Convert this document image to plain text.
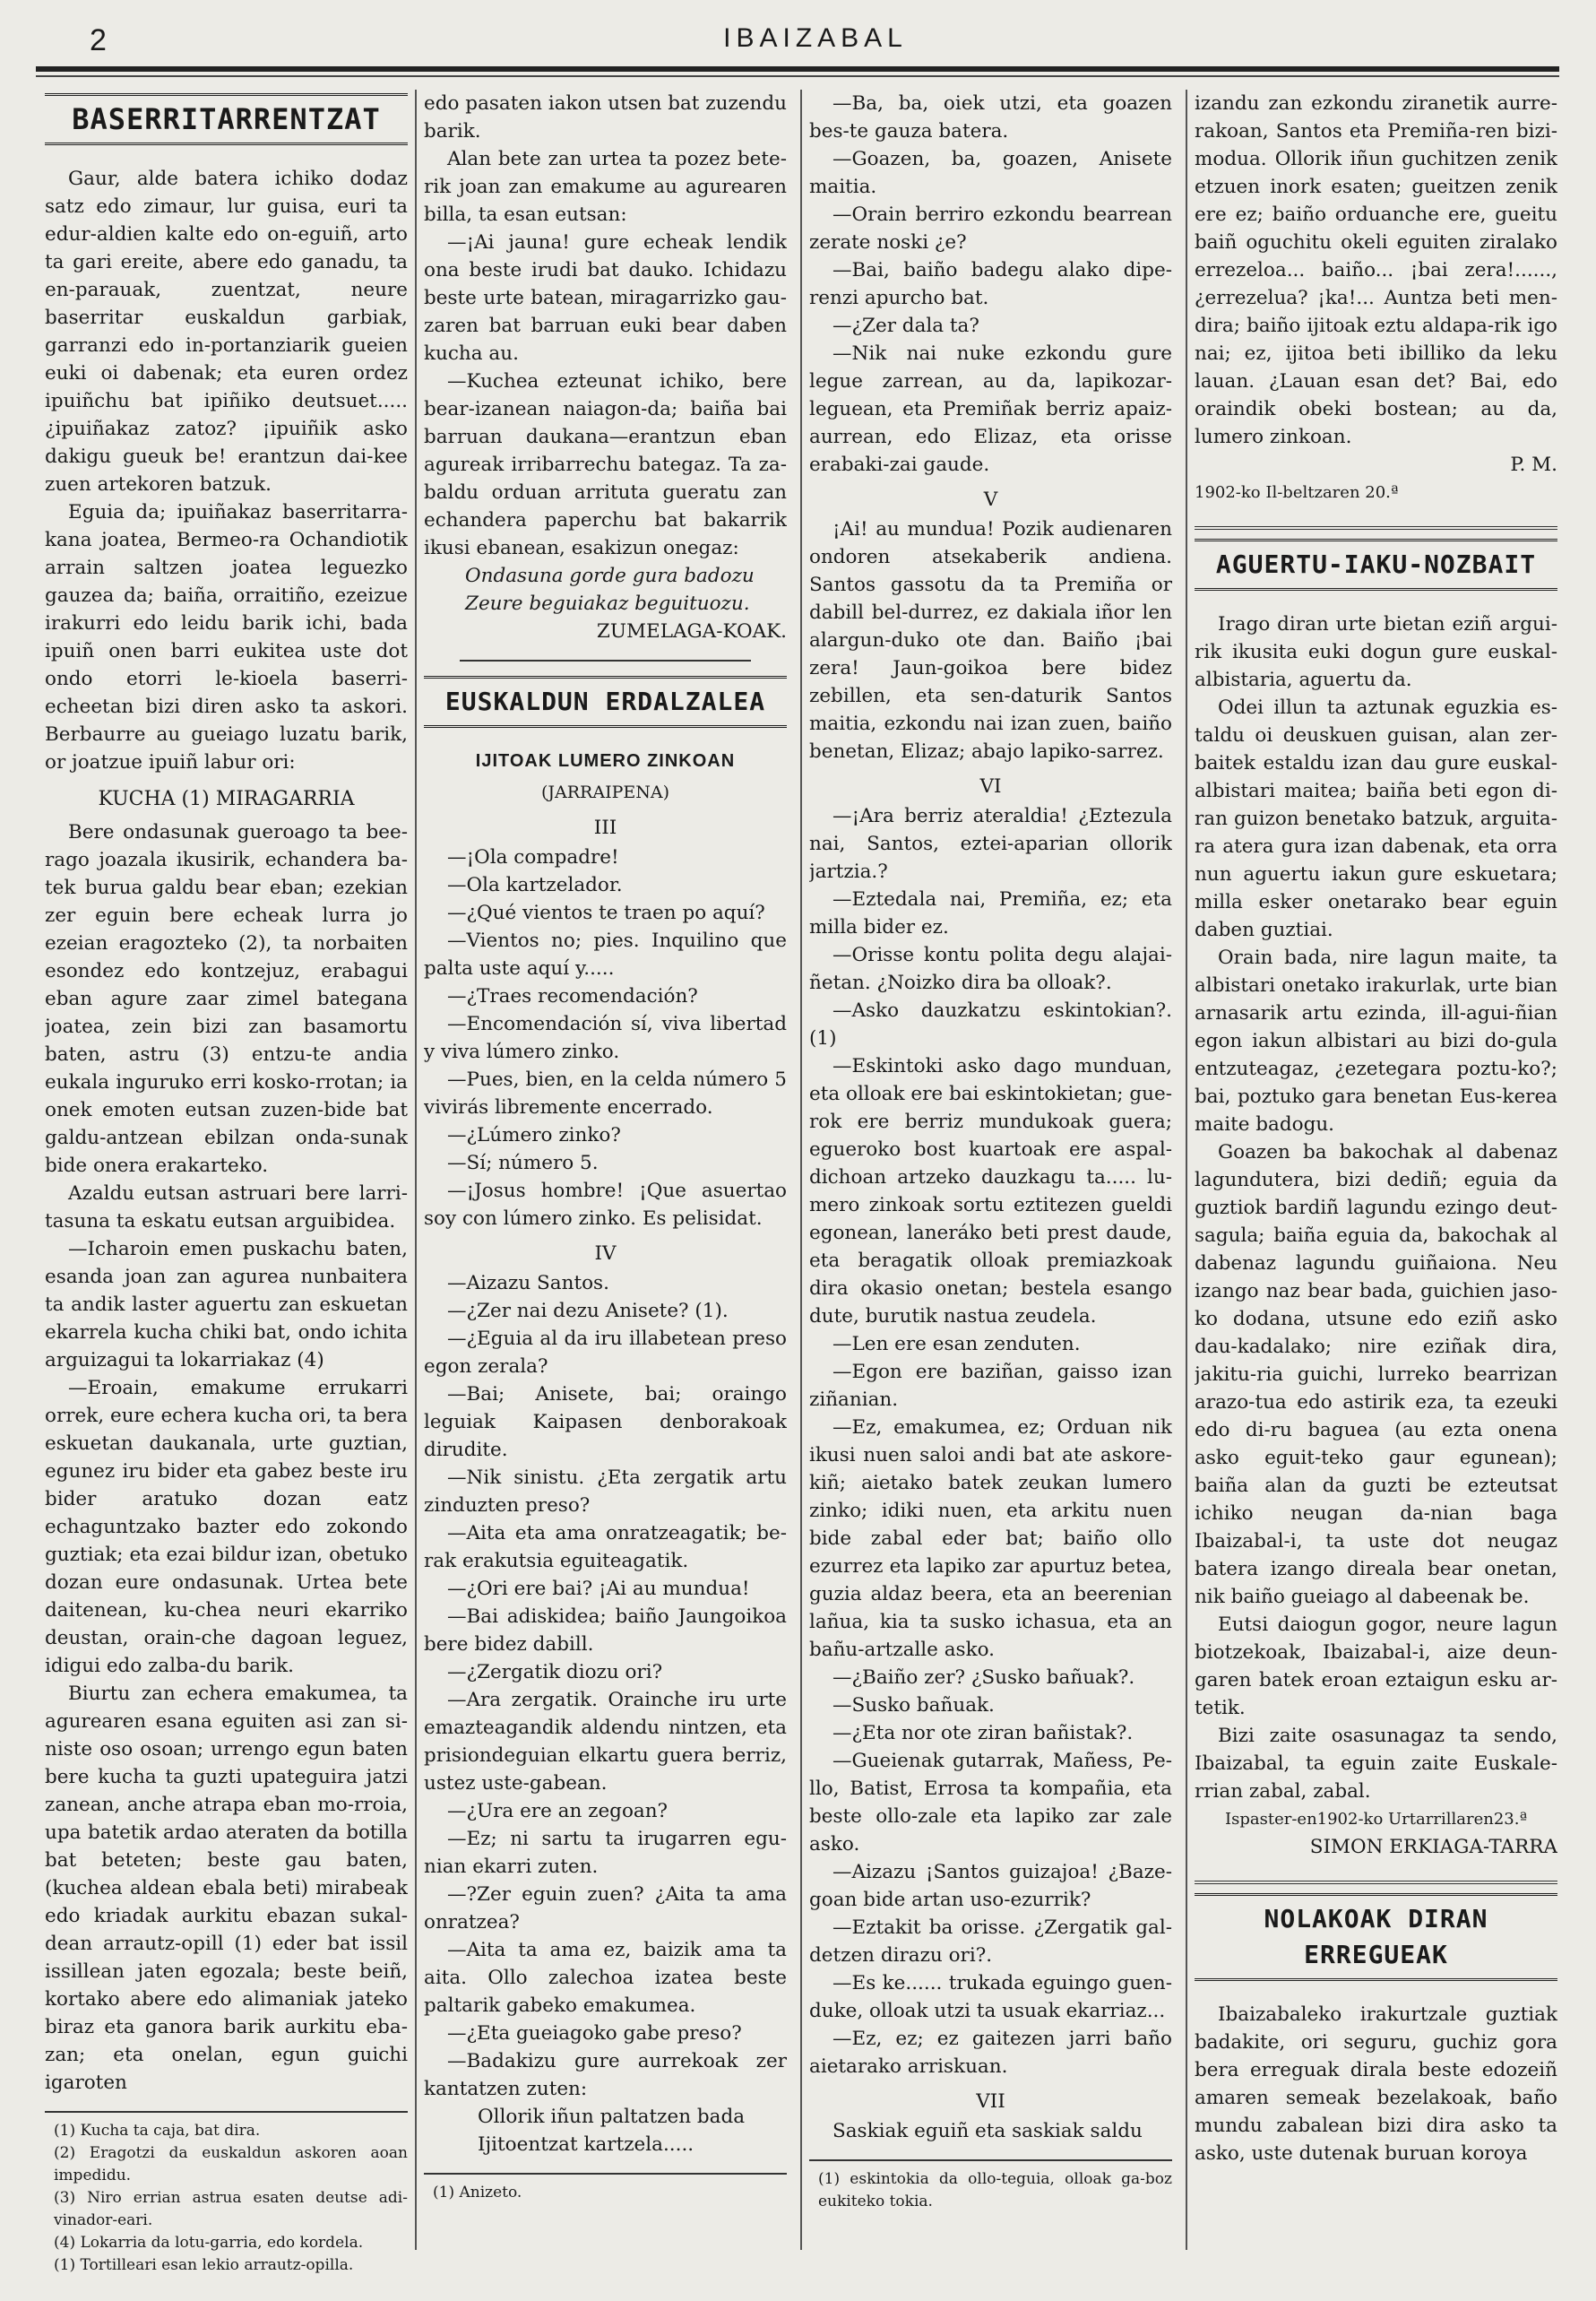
2	IBAIZABAL
BASERRITARRENTZAT

Gaur, alde batera ichiko dodaz satz edo zimaur, lur guisa, euri ta edur-aldien kalte edo on-eguiñ, arto ta gari ereite, abere edo ganadu, ta en-parauak, zuentzat, neure baserritar euskaldun garbiak, garranzi edo in-portanziarik gueien euki oi dabenak; eta euren ordez ipuiñchu bat ipiñiko deutsuet..... ¿ipuiñakaz zatoz? ¡ipuiñik asko dakigu gueuk be! erantzun dai-kee zuen artekoren batzuk.

Eguia da; ipuiñakaz baserritarra-kana joatea, Bermeo-ra Ochandiotik arrain saltzen joatea leguezko gauzea da; baiña, orraitiño, ezeizue irakurri edo leidu barik ichi, bada ipuiñ onen barri eukitea uste dot ondo etorri le-kioela baserri-echeetan bizi diren asko ta askori. Berbaurre au gueiago luzatu barik, or joatzue ipuiñ labur ori:

KUCHA (1) MIRAGARRIA

Bere ondasunak gueroago ta bee-rago joazala ikusirik, echandera ba-tek burua galdu bear eban; ezekian zer eguin bere echeak lurra jo ezeian eragozteko (2), ta norbaiten esondez edo kontzejuz, erabagui eban agure zaar zimel bategana joatea, zein bizi zan basamortu baten, astru (3) entzu-te andia eukala inguruko erri kosko-rrotan; ia onek emoten eutsan zuzen-bide bat galdu-antzean ebilzan onda-sunak bide onera erakarteko.

Azaldu eutsan astruari bere larri-tasuna ta eskatu eutsan arguibidea.

—Icharoin emen puskachu baten, esanda joan zan agurea nunbaitera ta andik laster aguertu zan eskuetan ekarrela kucha chiki bat, ondo ichita arguizagui ta lokarriakaz (4)

—Eroain, emakume errukarri orrek, eure echera kucha ori, ta bera eskuetan daukanala, urte guztian, egunez iru bider eta gabez beste iru bider aratuko dozan eatz echaguntzako bazter edo zokondo guztiak; eta ezai bildur izan, obetuko dozan eure ondasunak. Urtea bete daitenean, ku-chea neuri ekarriko deustan, orain-che dagoan leguez, idigui edo zalba-du barik.

Biurtu zan echera emakumea, ta agurearen esana eguiten asi zan si-niste oso osoan; urrengo egun baten bere kucha ta guzti upateguira jatzi zanean, anche atrapa eban mo-rroia, upa batetik ardao ateraten da botilla bat beteten; beste gau baten, (kuchea aldean ebala beti) mirabeak edo kriadak aurkitu ebazan sukal-dean arrautz-opill (1) eder bat issil issillean jaten egozala; beste beiñ, kortako abere edo alimaniak jateko biraz eta ganora barik aurkitu eba-zan; eta onelan, egun guichi igaroten

(1) Kucha ta caja, bat dira.
(2) Eragotzi da euskaldun askoren aoan impedidu.
(3) Niro errian astrua esaten deutse adi-vinador-eari.
(4) Lokarria da lotu-garria, edo kordela.
(1) Tortilleari esan lekio arrautz-opilla.

edo pasaten iakon utsen bat zuzendu barik.

Alan bete zan urtea ta pozez bete-rik joan zan emakume au agurearen billa, ta esan eutsan:

—¡Ai jauna! gure echeak lendik ona beste irudi bat dauko. Ichidazu beste urte batean, miragarrizko gau-zaren bat barruan euki bear daben kucha au.

—Kuchea ezteunat ichiko, bere bear-izanean naiagon-da; baiña bai barruan daukana—erantzun eban agureak irribarrechu bategaz. Ta za-baldu orduan arrituta gueratu zan echandera paperchu bat bakarrik ikusi ebanean, esakizun onegaz:

Ondasuna gorde gura badozu

Zeure beguiakaz beguituozu.

ZUMELAGA-KOAK.

EUSKALDUN ERDALZALEA
IJITOAK LUMERO ZINKOAN
(JARRAIPENA)
III

—¡Ola compadre!

—Ola kartzelador.

—¿Qué vientos te traen po aquí?

—Vientos no; pies. Inquilino que palta uste aquí y.....

—¿Traes recomendación?

—Encomendación sí, viva libertad y viva lúmero zinko.

—Pues, bien, en la celda número 5 vivirás libremente encerrado.

—¿Lúmero zinko?

—Sí; número 5.

—¡Josus hombre! ¡Que asuertao soy con lúmero zinko. Es pelisidat.

IV

—Aizazu Santos.

—¿Zer nai dezu Anisete? (1).

—¿Eguia al da iru illabetean preso egon zerala?

—Bai; Anisete, bai; oraingo leguiak Kaipasen denborakoak dirudite.

—Nik sinistu. ¿Eta zergatik artu zinduzten preso?

—Aita eta ama onratzeagatik; be-rak erakutsia eguiteagatik.

—¿Ori ere bai? ¡Ai au mundua!

—Bai adiskidea; baiño Jaungoikoa bere bidez dabill.

—¿Zergatik diozu ori?

—Ara zergatik. Orainche iru urte emazteagandik aldendu nintzen, eta prisiondeguian elkartu guera berriz, ustez uste-gabean.

—¿Ura ere an zegoan?

—Ez; ni sartu ta irugarren egu-nian ekarri zuten.

—?Zer eguin zuen? ¿Aita ta ama onratzea?

—Aita ta ama ez, baizik ama ta aita. Ollo zalechoa izatea beste paltarik gabeko emakumea.

—¿Eta gueiagoko gabe preso?

—Badakizu gure aurrekoak zer kantatzen zuten:

Ollorik iñun paltatzen bada

Ijitoentzat kartzela.....

(1) Anizeto.

—Ba, ba, oiek utzi, eta goazen bes-te gauza batera.

—Goazen, ba, goazen, Anisete maitia.

—Orain berriro ezkondu bearrean zerate noski ¿e?

—Bai, baiño badegu alako dipe-renzi apurcho bat.

—¿Zer dala ta?

—Nik nai nuke ezkondu gure legue zarrean, au da, lapikozar-leguean, eta Premiñak berriz apaiz-aurrean, edo Elizaz, eta orisse erabaki-zai gaude.

V

¡Ai! au mundua! Pozik audienaren ondoren atsekaberik andiena. Santos gassotu da ta Premiña or dabill bel-durrez, ez dakiala iñor len alargun-duko ote dan. Baiño ¡bai zera! Jaun-goikoa bere bidez zebillen, eta sen-daturik Santos maitia, ezkondu nai izan zuen, baiño benetan, Elizaz; abajo lapiko-sarrez.

VI

—¡Ara berriz ateraldia! ¿Eztezula nai, Santos, eztei-aparian ollorik jartzia.?

—Eztedala nai, Premiña, ez; eta milla bider ez.

—Orisse kontu polita degu alajai-ñetan. ¿Noizko dira ba olloak?.

—Asko dauzkatzu eskintokian?. (1)

—Eskintoki asko dago munduan, eta olloak ere bai eskintokietan; gue-rok ere berriz mundukoak guera; egueroko bost kuartoak ere aspal-dichoan artzeko dauzkagu ta..... lu-mero zinkoak sortu eztitezen gueldi egonean, laneráko beti prest daude, eta beragatik olloak premiazkoak dira okasio onetan; bestela esango dute, burutik nastua zeudela.

—Len ere esan zenduten.

—Egon ere baziñan, gaisso izan ziñanian.

—Ez, emakumea, ez; Orduan nik ikusi nuen saloi andi bat ate askore-kiñ; aietako batek zeukan lumero zinko; idiki nuen, eta arkitu nuen bide zabal eder bat; baiño ollo ezurrez eta lapiko zar apurtuz betea, guzia aldaz beera, eta an beerenian lañua, kia ta susko ichasua, eta an bañu-artzalle asko.

—¿Baiño zer? ¿Susko bañuak?.

—Susko bañuak.

—¿Eta nor ote ziran bañistak?.

—Gueienak gutarrak, Mañess, Pe-llo, Batist, Errosa ta kompañia, eta beste ollo-zale eta lapiko zar zale asko.

—Aizazu ¡Santos guizajoa! ¿Baze-goan bide artan uso-ezurrik?

—Eztakit ba orisse. ¿Zergatik gal-detzen dirazu ori?.

—Es ke...... trukada eguingo guen-duke, olloak utzi ta usuak ekarriaz...

—Ez, ez; ez gaitezen jarri baño aietarako arriskuan.

VII

Saskiak eguiñ eta saskiak saldu

(1) eskintokia da ollo-teguia, olloak ga-boz eukiteko tokia.

izandu zan ezkondu ziranetik aurre-rakoan, Santos eta Premiña-ren bizi-modua. Ollorik iñun guchitzen zenik etzuen inork esaten; gueitzen zenik ere ez; baiño orduanche ere, gueitu baiñ oguchitu okeli eguiten ziralako errezeloa... baiño... ¡bai zera!......, ¿errezelua? ¡ka!... Auntza beti men-dira; baiño ijitoak eztu aldapa-rik igo nai; ez, ijitoa beti ibilliko da leku lauan. ¿Lauan esan det? Bai, edo oraindik obeki bostean; au da, lumero zinkoan.

P. M.

1902-ko Il-beltzaren 20.ª

AGUERTU-IAKU-NOZBAIT

Irago diran urte bietan eziñ argui-rik ikusita euki dogun gure euskal-albistaria, aguertu da.

Odei illun ta aztunak eguzkia es-taldu oi deuskuen guisan, alan zer-baitek estaldu izan dau gure euskal-albistari maitea; baiña beti egon di-ran guizon benetako batzuk, arguita-ra atera gura izan dabenak, eta orra nun aguertu iakun gure eskuetara; milla esker onetarako bear eguin daben guztiai.

Orain bada, nire lagun maite, ta albistari onetako irakurlak, urte bian arnasarik artu ezinda, ill-agui-ñian egon iakun albistari au bizi do-gula entzuteagaz, ¿ezetegara poztu-ko?; bai, poztuko gara benetan Eus-kerea maite badogu.

Goazen ba bakochak al dabenaz lagundutera, bizi dediñ; eguia da guztiok bardiñ lagundu ezingo deut-sagula; baiña eguia da, bakochak al dabenaz lagundu guiñaiona. Neu izango naz bear bada, guichien jaso-ko dodana, utsune edo eziñ asko dau-kadalako; nire eziñak dira, jakitu-ria guichi, lurreko bearrizan arazo-tua edo astirik eza, ta ezeuki edo di-ru baguea (au ezta onena asko eguit-teko gaur egunean); baiña alan da guzti be ezteutsat ichiko neugan da-nian baga Ibaizabal-i, ta uste dot neugaz batera izango direala bear onetan, nik baiño gueiago al dabeenak be.

Eutsi daiogun gogor, neure lagun biotzekoak, Ibaizabal-i, aize deun-garen batek eroan eztaigun esku ar-tetik.

Bizi zaite osasunagaz ta sendo, Ibaizabal, ta eguin zaite Euskale-rrian zabal, zabal.

Ispaster-en1902-ko Urtarrillaren23.ª

SIMON ERKIAGA-TARRA

NOLAKOAK DIRAN ERREGUEAK

Ibaizabaleko irakurtzale guztiak badakite, ori seguru, guchiz gora bera erreguak dirala beste edozeiñ amaren semeak bezelakoak, baño mundu zabalean bizi dira asko ta asko, uste dutenak buruan koroya
